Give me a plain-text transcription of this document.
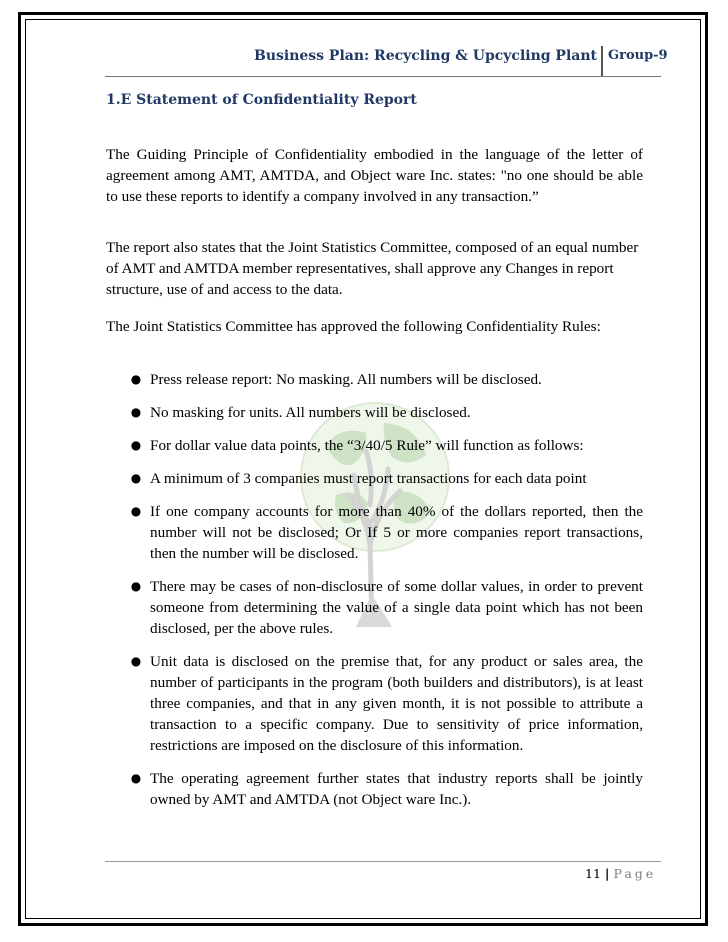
Business Plan: Recycling & Upcycling Plant Group-9
1.E Statement of Confidentiality Report

The Guiding Principle of Confidentiality embodied in the language of the letter of agreement among AMT, AMTDA, and Object ware Inc. states: "no one should be able to use these reports to identify a company involved in any transaction.”

The report also states that the Joint Statistics Committee, composed of an equal number of AMT and AMTDA member representatives, shall approve any Changes in report structure, use of and access to the data.

The Joint Statistics Committee has approved the following Confidentiality Rules:

● Press release report: No masking. All numbers will be disclosed.
● No masking for units. All numbers will be disclosed.
● For dollar value data points, the “3/40/5 Rule” will function as follows:
● A minimum of 3 companies must report transactions for each data point
● If one company accounts for more than 40% of the dollars reported, then the number will not be disclosed; Or If 5 or more companies report transactions, then the number will be disclosed.
● There may be cases of non-disclosure of some dollar values, in order to prevent someone from determining the value of a single data point which has not been disclosed, per the above rules.
● Unit data is disclosed on the premise that, for any product or sales area, the number of participants in the program (both builders and distributors), is at least three companies, and that in any given month, it is not possible to attribute a transaction to a specific company. Due to sensitivity of price information, restrictions are imposed on the disclosure of this information.
● The operating agreement further states that industry reports shall be jointly owned by AMT and AMTDA (not Object ware Inc.).
11 | Page
